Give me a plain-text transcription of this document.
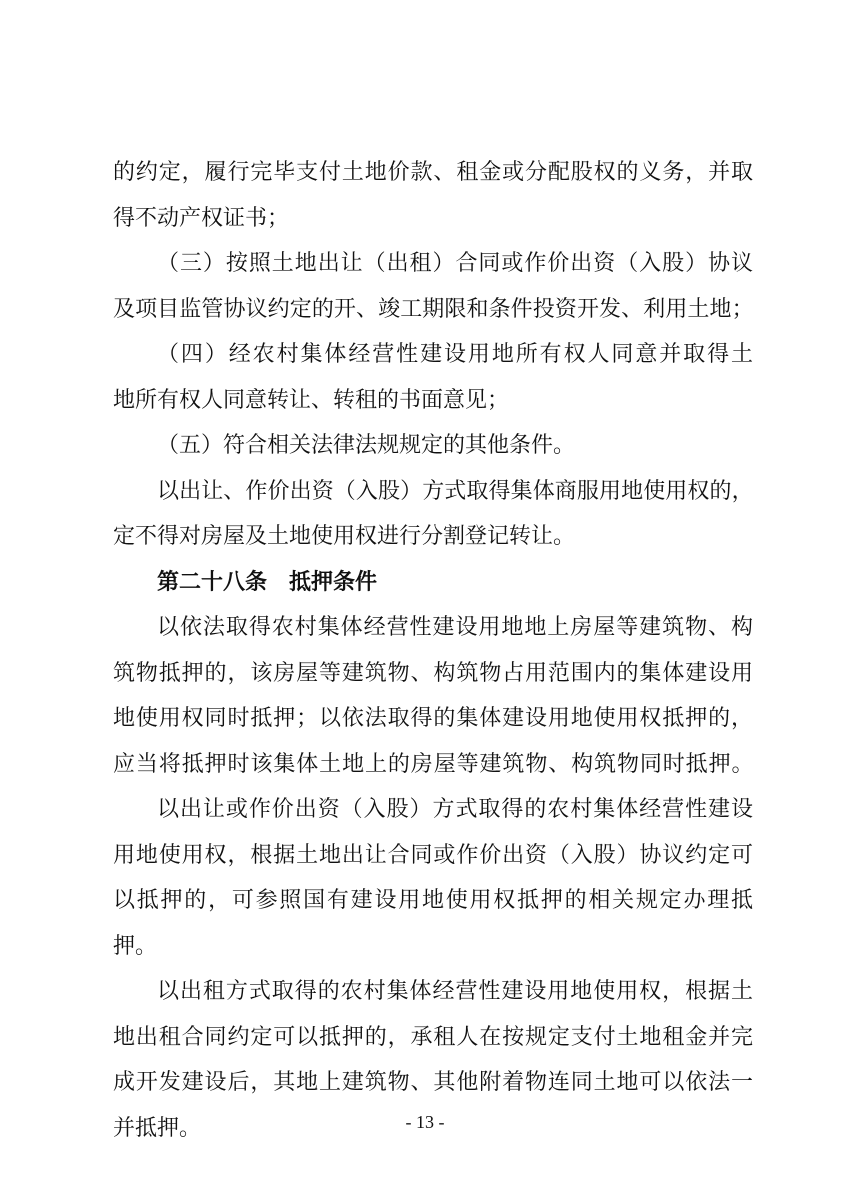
的约定，履行完毕支付土地价款、租金或分配股权的义务，并取
得不动产权证书；
（三）按照土地出让（出租）合同或作价出资（入股）协议
及项目监管协议约定的开、竣工期限和条件投资开发、利用土地；
（四）经农村集体经营性建设用地所有权人同意并取得土
地所有权人同意转让、转租的书面意见；
（五）符合相关法律法规规定的其他条件。
以出让、作价出资（入股）方式取得集体商服用地使用权的，
定不得对房屋及土地使用权进行分割登记转让。
第二十八条 抵押条件
以依法取得农村集体经营性建设用地地上房屋等建筑物、构
筑物抵押的，该房屋等建筑物、构筑物占用范围内的集体建设用
地使用权同时抵押；以依法取得的集体建设用地使用权抵押的，
应当将抵押时该集体土地上的房屋等建筑物、构筑物同时抵押。
以出让或作价出资（入股）方式取得的农村集体经营性建设
用地使用权，根据土地出让合同或作价出资（入股）协议约定可
以抵押的，可参照国有建设用地使用权抵押的相关规定办理抵
押。
以出租方式取得的农村集体经营性建设用地使用权，根据土
地出租合同约定可以抵押的，承租人在按规定支付土地租金并完
成开发建设后，其地上建筑物、其他附着物连同土地可以依法一
并抵押。	- 13 -
